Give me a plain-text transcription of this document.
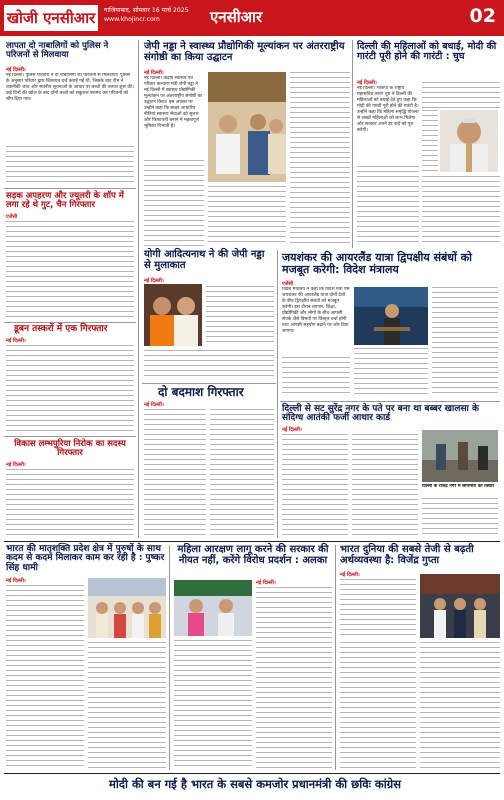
खोजी एनसीआर	गाजियाबाद, सोमवार 16 मार्च 2025
www.khojincr.com	एनसीआर	02
लापता दो नाबालिगों को पुलिस ने परिजनों से मिलवाया
नई दिल्ली।
नई दिल्ली। पुलिस परिवारों ने दो नाबालिगों को परिजनों से मिलवाया। पुलिस के अनुसार परिवार द्वारा शिकायत दर्ज कराई गई थी, जिसके बाद टीम ने तकनीकी जांच और स्थानीय सूचनाओं के आधार पर बच्चों की तलाश शुरू की। कई दिनों की खोज के बाद दोनों बच्चों को सकुशल बरामद कर परिजनों को सौंप दिया गया।
सड़क अपहरण और ज्यूलरी के शॉप में लगा रहे थे गुट, चैन गिरफ्तार
एजेंसी
डूबन तस्करों में एक गिरफ्तार
नई दिल्ली।
विकास लम्भपुरिया निरोक का सदस्य गिरफ्तार
नई दिल्ली।
जेपी नड्डा ने स्वास्थ्य प्रौद्योगिकी मूल्यांकन पर अंतरराष्ट्रीय संगोष्ठी का किया उद्घाटन
नई दिल्ली।
नई दिल्ली। केंद्रीय स्वास्थ्य एवं परिवार कल्याण मंत्री जेपी नड्डा ने नई दिल्ली में स्वास्थ्य प्रौद्योगिकी मूल्यांकन पर अंतरराष्ट्रीय संगोष्ठी का उद्घाटन किया। इस अवसर पर उन्होंने कहा कि साक्ष्य आधारित नीतियां स्वास्थ्य सेवाओं को सुलभ और किफायती बनाने में महत्वपूर्ण भूमिका निभाती हैं।
दिल्ली की महिलाओं को बधाई, मोदी की गारंटी पूरी होने की गारंटी : चुघ
नई दिल्ली।
नई दिल्ली। भाजपा के राष्ट्रीय महासचिव तरुण चुघ ने दिल्ली की महिलाओं को बधाई देते हुए कहा कि मोदी की गारंटी पूरी होने की गारंटी है। उन्होंने कहा कि महिला समृद्धि योजना से लाखों महिलाओं को लाभ मिलेगा और सरकार अपने हर वादे को पूरा करेगी।
योगी आदित्यनाथ ने की जेपी नड्डा से मुलाकात
नई दिल्ली।
दो बदमाश गिरफ्तार
नई दिल्ली।
जयशंकर की आयरलैंड यात्रा द्विपक्षीय संबंधों को मजबूत करेगी: विदेश मंत्रालय
एजेंसी
विदेश मंत्रालय ने कहा कि विदेश मंत्री एस जयशंकर की आयरलैंड यात्रा दोनों देशों के बीच द्विपक्षीय संबंधों को मजबूत करेगी। इस दौरान व्यापार, शिक्षा, प्रौद्योगिकी और लोगों के बीच आपसी संपर्क जैसे विषयों पर विस्तृत चर्चा होगी तथा आपसी सहयोग बढ़ाने पर जोर दिया जाएगा।
दिल्ली से सट सुरेंद्र नगर के पते पर बना था बब्बर खालसा के संदिग्ध आतंकी फर्जी आधार कार्ड
नई दिल्ली।
दिल्ली के राजेंद्र नगर में छापेमारी की तस्वीर
भारत की मातृशक्ति प्रदेश क्षेत्र में पुरुषों के साथ कदम से कदम मिलाकर काम कर रही है : पुष्कर सिंह धामी
नई दिल्ली।
महिला आरक्षण लागू करने की सरकार की नीयत नहीं, करेंगे विरोध प्रदर्शन : अलका
नई दिल्ली।
भारत दुनिया की सबसे तेजी से बढ़ती अर्थव्यवस्था है: विजेंद्र गुप्ता
नई दिल्ली।
मोदी की बन गई है भारत के सबसे कमजोर प्रधानमंत्री की छविः कांग्रेस
